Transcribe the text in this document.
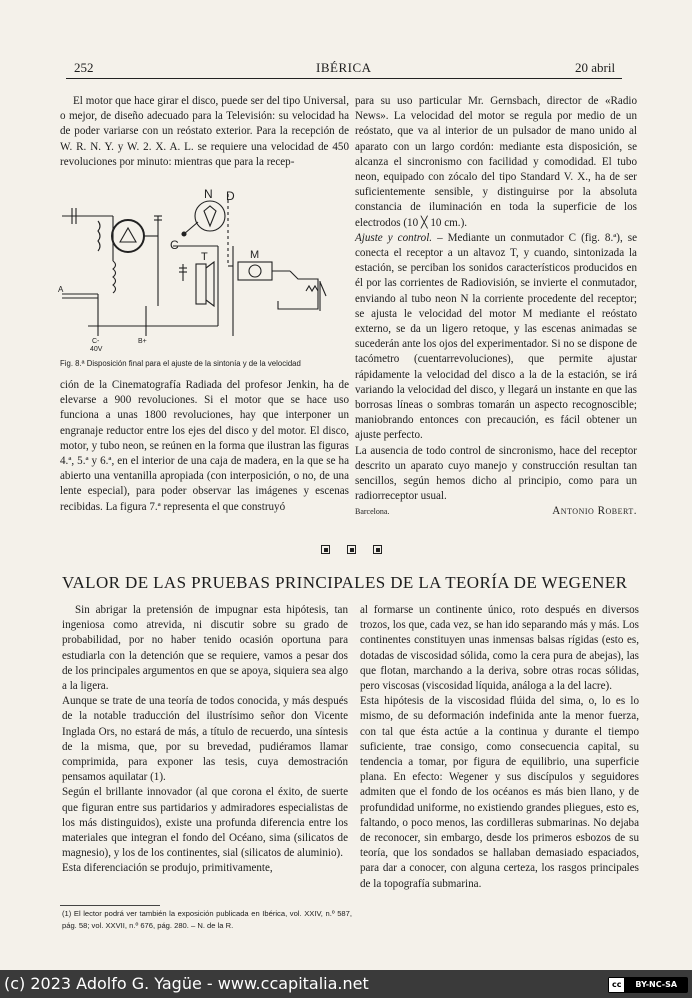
252	IBÉRICA	20 abril

El motor que hace girar el disco, puede ser del tipo Universal, o mejor, de diseño adecuado para la Televisión: su velocidad ha de poder variarse con un reóstato exterior. Para la recepción de W. R. N. Y. y W. 2. X. A. L. se requiere una velocidad de 450 revoluciones por minuto: mientras que para la recep-

N D
C
T	M
A
C-
40V
B+
Fig. 8.ª Disposición final para el ajuste de la sintonía y de la velocidad

ción de la Cinematografía Radiada del profesor Jenkin, ha de elevarse a 900 revoluciones. Si el motor que se hace uso funciona a unas 1800 revoluciones, hay que interponer un engranaje reductor entre los ejes del disco y del motor. El disco, motor, y tubo neon, se reúnen en la forma que ilustran las figuras 4.ª, 5.ª y 6.ª, en el interior de una caja de madera, en la que se ha abierto una ventanilla apropiada (con interposición, o no, de una lente especial), para poder observar las imágenes y escenas recibidas. La figura 7.ª representa el que construyó

para su uso particular Mr. Gernsbach, director de «Radio News». La velocidad del motor se regula por medio de un reóstato, que va al interior de un pulsador de mano unido al aparato con un largo cordón: mediante esta disposición, se alcanza el sincronismo con facilidad y comodidad. El tubo neon, equipado con zócalo del tipo Standard V. X., ha de ser suficientemente sensible, y distinguirse por la absoluta constancia de iluminación en toda la superficie de los electrodos (10 ╳ 10 cm.).

Ajuste y control. – Mediante un conmutador C (fig. 8.ª), se conecta el receptor a un altavoz T, y cuando, sintonizada la estación, se perciban los sonidos característicos producidos en él por las corrientes de Radiovisión, se invierte el conmutador, enviando al tubo neon N la corriente procedente del receptor; se ajusta le velocidad del motor M mediante el reóstato externo, se da un ligero retoque, y las escenas animadas se sucederán ante los ojos del experimentador. Si no se dispone de tacómetro (cuentarrevoluciones), que permite ajustar rápidamente la velocidad del disco a la de la estación, se irá variando la velocidad del disco, y llegará un instante en que las borrosas líneas o sombras tomarán un aspecto recognoscible; maniobrando entonces con precaución, es fácil obtener un ajuste perfecto.

La ausencia de todo control de sincronismo, hace del receptor descrito un aparato cuyo manejo y construcción resultan tan sencillos, según hemos dicho al principio, como para un radiorreceptor usual.

Barcelona.	Antonio Robert.
VALOR DE LAS PRUEBAS PRINCIPALES DE LA TEORÍA DE WEGENER

Sin abrigar la pretensión de impugnar esta hipótesis, tan ingeniosa como atrevida, ni discutir sobre su grado de probabilidad, por no haber tenido ocasión oportuna para estudiarla con la detención que se requiere, vamos a pesar dos de los principales argumentos en que se apoya, siquiera sea algo a la ligera.

Aunque se trate de una teoría de todos conocida, y más después de la notable traducción del ilustrísimo señor don Vicente Inglada Ors, no estará de más, a título de recuerdo, una síntesis de la misma, que, por su brevedad, pudiéramos llamar comprimida, para exponer las tesis, cuya demostración pensamos aquilatar (1).

Según el brillante innovador (al que corona el éxito, de suerte que figuran entre sus partidarios y admiradores especialistas de los más distinguidos), existe una profunda diferencia entre los materiales que integran el fondo del Océano, sima (silicatos de magnesio), y los de los continentes, sial (silicatos de aluminio).

Esta diferenciación se produjo, primitivamente,

(1) El lector podrá ver también la exposición publicada en Ibérica, vol. XXIV, n.º 587, pág. 58; vol. XXVII, n.º 676, pág. 280. – N. de la R.

al formarse un continente único, roto después en diversos trozos, los que, cada vez, se han ido separando más y más. Los continentes constituyen unas inmensas balsas rígidas (esto es, dotadas de viscosidad sólida, como la cera pura de abejas), las que flotan, marchando a la deriva, sobre otras rocas sólidas, pero viscosas (viscosidad líquida, análoga a la del lacre).

Esta hipótesis de la viscosidad flúida del sima, o, lo es lo mismo, de su deformación indefinida ante la menor fuerza, con tal que ésta actúe a la continua y durante el tiempo suficiente, trae consigo, como consecuencia capital, su tendencia a tomar, por figura de equilibrio, una superficie plana. En efecto: Wegener y sus discípulos y seguidores admiten que el fondo de los océanos es más bien llano, y de profundidad uniforme, no existiendo grandes pliegues, esto es, faltando, o poco menos, las cordilleras submarinas. No dejaba de reconocer, sin embargo, desde los primeros esbozos de su teoría, que los sondados se hallaban demasiado espaciados, para dar a conocer, con alguna certeza, los rasgos principales de la topografía submarina.

(c) 2023 Adolfo G. Yagüe - www.ccapitalia.net	cc	BY-NC-SA
